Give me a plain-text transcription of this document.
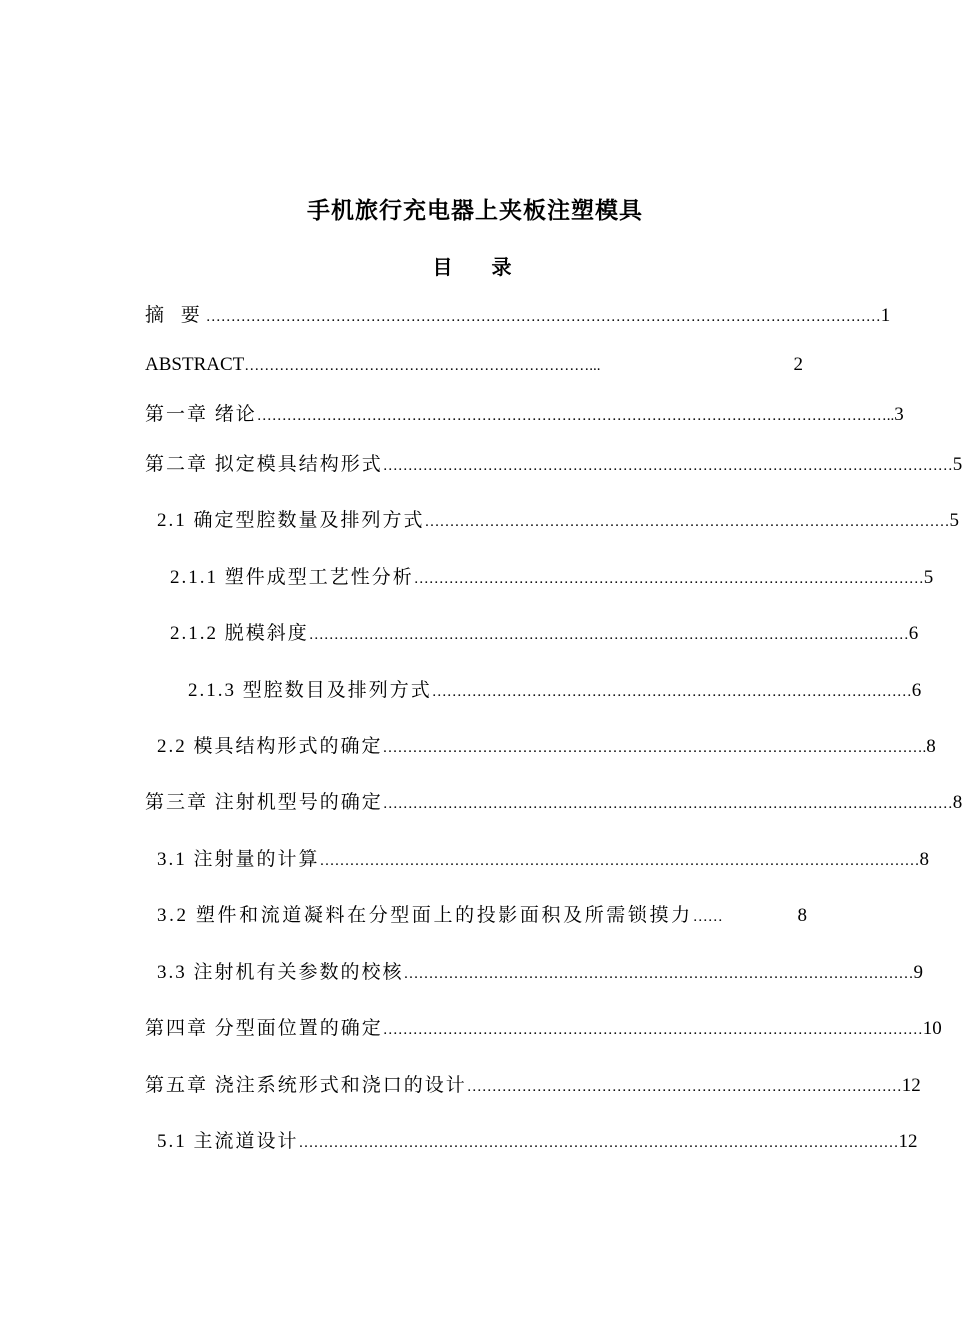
手机旅行充电器上夹板注塑模具
目 录
摘 要 ……………………………………………………………………………………………………………………… 1
ABSTRACT ……………………………………………………………...	2
第一章 绪论 ……………………………………………………………………………………………………………….. 3
第二章 拟定模具结构形式 …………………………………………………………………………………………………… 5
2.1 确定型腔数量及排列方式 …………………………………………………………………………………………… 5
2.1.1 塑件成型工艺性分析 ………………………………………………………………………………………… 5
2.1.2 脱模斜度 ………………………………………………………………………………………………………… 6
2.1.3 型腔数目及排列方式 …………………………………………………………………………………… 6
2.2 模具结构形式的确定 ………………………………………………………………………………………………. 8
第三章 注射机型号的确定 …………………………………………………………………………………………………… 8
3.1 注射量的计算 ………………………………………………………………………………………………………… 8
3.2 塑件和流道凝料在分型面上的投影面积及所需锁摸力 ……	8
3.3 注射机有关参数的校核 ………………………………………………………………………………………… 9
第四章 分型面位置的确定 ……………………………………………………………………………………………… 10
第五章 浇注系统形式和浇口的设计 …………………………………………………………………………… 12
5.1 主流道设计 ………………………………………………………………………………………………………… 12
